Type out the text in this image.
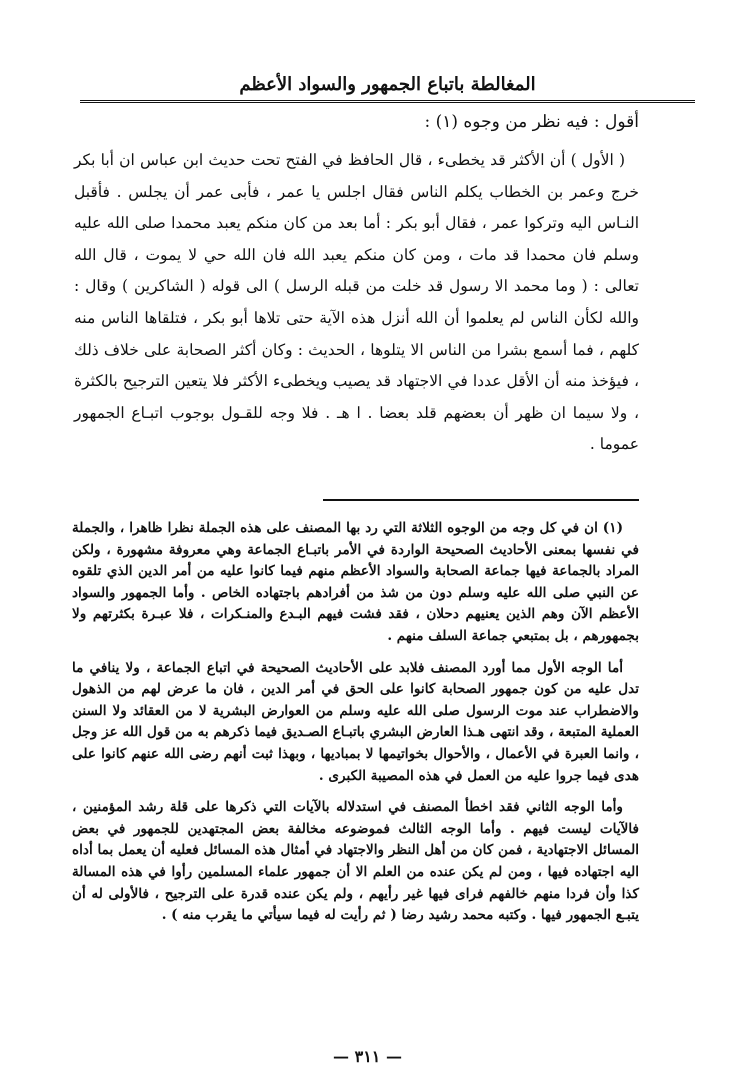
المغالطة باتباع الجمهور والسواد الأعظم
أقول : فيه نظر من وجوه (١) :

( الأول ) أن الأكثر قد يخطىء ، قال الحافظ في الفتح تحت حديث ابن عباس ان أبا بكر خرج وعمر بن الخطاب يكلم الناس فقال اجلس يا عمر ، فأبى عمر أن يجلس . فأقبل النـاس اليه وتركوا عمر ، فقال أبو بكر : أما بعد من كان منكم يعبد محمدا صلى الله عليه وسلم فان محمدا قد مات ، ومن كان منكم يعبد الله فان الله حي لا يموت ، قال الله تعالى : ( وما محمد الا رسول قد خلت من قبله الرسل ) الى قوله ( الشاكرين ) وقال : والله لكأن الناس لم يعلموا أن الله أنزل هذه الآية حتى تلاها أبو بكر ، فتلقاها الناس منه كلهم ، فما أسمع بشرا من الناس الا يتلوها ، الحديث : وكان أكثر الصحابة على خلاف ذلك ، فيؤخذ منه أن الأقل عددا في الاجتهاد قد يصيب ويخطىء الأكثر فلا يتعين الترجيح بالكثرة ، ولا سيما ان ظهر أن بعضهم قلد بعضا . ا هـ . فلا وجه للقـول بوجوب اتبـاع الجمهور عموما .

(١) ان في كل وجه من الوجوه الثلاثة التي رد بها المصنف على هذه الجملة نظرا ظاهرا ، والجملة في نفسها بمعنى الأحاديث الصحيحة الواردة في الأمر باتبـاع الجماعة وهي معروفة مشهورة ، ولكن المراد بالجماعة فيها جماعة الصحابة والسواد الأعظم منهم فيما كانوا عليه من أمر الدين الذي تلقوه عن النبي صلى الله عليه وسلم دون من شذ من أفرادهم باجتهاده الخاص . وأما الجمهور والسواد الأعظم الآن وهم الذين يعنيهم دحلان ، فقد فشت فيهم البـدع والمنـكرات ، فلا عبـرة بكثرتهم ولا بجمهورهم ، بل بمتبعي جماعة السلف منهم .

أما الوجه الأول مما أورد المصنف فلابد على الأحاديث الصحيحة في اتباع الجماعة ، ولا ينافي ما تدل عليه من كون جمهور الصحابة كانوا على الحق في أمر الدين ، فان ما عرض لهم من الذهول والاضطراب عند موت الرسول صلى الله عليه وسلم من العوارض البشرية لا من العقائد ولا السنن العملية المتبعة ، وقد انتهى هـذا العارض البشري باتبـاع الصـديق فيما ذكرهم به من قول الله عز وجل ، وانما العبرة في الأعمال ، والأحوال بخواتيمها لا بمباديها ، وبهذا ثبت أنهم رضى الله عنهم كانوا على هدى فيما جروا عليه من العمل في هذه المصيبة الكبرى .

وأما الوجه الثاني فقد اخطأ المصنف في استدلاله بالآيات التي ذكرها على قلة رشد المؤمنين ، فالآيات ليست فيهم . وأما الوجه الثالث فموضوعه مخالفة بعض المجتهدين للجمهور في بعض المسائل الاجتهادية ، فمن كان من أهل النظر والاجتهاد في أمثال هذه المسائل فعليه أن يعمل بما أداه اليه اجتهاده فيها ، ومن لم يكن عنده من العلم الا أن جمهور علماء المسلمين رأوا في هذه المسالة كذا وأن فردا منهم خالفهم فراى فيها غير رأيهم ، ولم يكن عنده قدرة على الترجيح ، فالأولى له أن يتبـع الجمهور فيها . وكتبه محمد رشيد رضا ( ثم رأيت له فيما سيأتي ما يقرب منه ) .

— ٣١١ —
